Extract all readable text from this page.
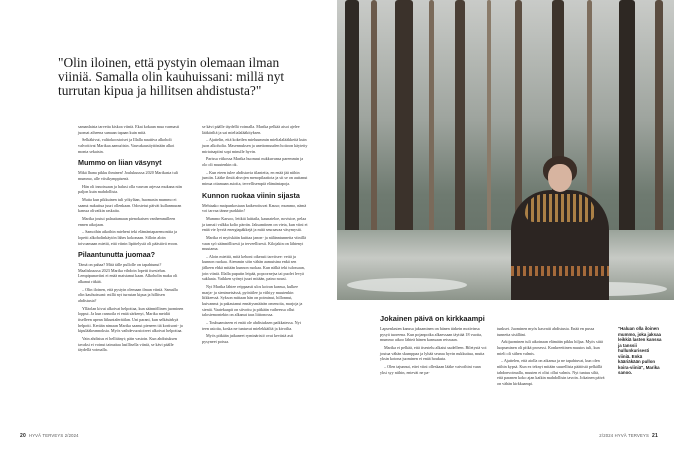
"Olin iloinen, että pystyin olemaan ilman viiniä. Samalla olin kauhuissani: millä nyt turrutan kipua ja hillitsen ahdistusta?"

samanlaista tarvetta kiskoa viiniä. Ekat kokaan mua varmasti juomat aiheena samaan tapaan kuin mitä.

Selkäkivut, valtiokoostoiset ja Illalla nauttiva alkoholi valvottivat Marikaa aamuöisin. Vauvakausityttönään alkoi monta sekaisin.

Mummo on liian väsynyt

Mikä lhana pikku ihminen! Joulukuussa 2020 Marikasta tuli mummo, alle viisikymppisenä.

Hän oli innoissaan ja halusi olla vauvan arjessa mukana niin paljon kuin mahdollista.

Mutta kun pikkuinen tuli yökyläan, huomasin mummo ei saanut nukuttua juuri ollenkaan. Odostetut päivät kullanmuran kanssa olivatkin raskaita.

Marika joutui palauttamaan pienokaisen vanhemmilleen ennen aikojaan.

– Samoihin aikoihin mieheni teki elämäntaparemonttia ja lopetti alkoholinkäytön lähes kokonaan. Silloin aloin toivoamaan mietiä, että viinin lipittelystä oli päästävä eroon.

Pilaantunutta juomaa?

Tämä on pahaa? Mitä tälle pullolle on tapahtunut? Maaliskuussa 2023 Marika vihdoin lopetti itsestelun. Lempipunaviini ei enää maistanut kaan. Alkoholin maku oli alkanut ritkää.

– Olin iloinen, että pystyin olemaan ilman viiniä. Samalla olin kauhuissani: millä nyt turrutan kipua ja hillitsen ahdistusta?

Ylläolan kivut alkoivat helpottaa, kun säännöllinen juominen loppui. Ja kun rannoila ei enää särkenyt, Marika meidäi itselleen upean liikuntalerätilan. Uni parani, kun selkäsärkyä helpotti. Kerään nimaan Marika saanut pieneen tiä kortisoni- ja kipulääkeannoksia. Myös vaihdevuosioireet alkoivat helpottaa.

Vain ahdistus ei hellitänyt; päin vastoin. Kun ahdistuksen tavaksi ei voinut tainuttaa lasillisella viiniä, se kävi päälle täydellä voimalla.

se kävi päälle täydellä voimalla. Marika pelkää aisoi ajelee lääkäriltä ja sai mielialalääkityksen.

– Ajattelin, että kokeilen mieluummin mielialalääkkeitä kuin juon alkoholia. Masennuksen ja unettomuuden hoitoon käytetty mirtatsapiini sopi minulle hyvin.

Parissa viikossa Marika huomasi nukkuvansa paremmin ja olo oli muutenkin ok.

– Kun eteen tulee ahdistavia tilanteita, en enää jää niihin jumiin. Lääke ilmiä ahvojen menopilaatiota ja sit se on auttanut minua ottamaan asioita, tervellisempiä elämäntapoja.

Kunnon ruokaa viinin sijasta

Mehtaako maipunkostaan katkeroituvat Kauso; mummo, nämä voi tarvaa tänne purkkiin!

Mummo Karsoo, lettkiä laittaila, kaunateloe, novisioe, pelaa ja tanssii valkka kolio pärrän. Jaksamiinen on vieta, kun viini ei enää vie lyvriä energiapäkkejä ja mitä seuraavaa väsymystä.

Marika ei myöskään kuittaa janon- ja nälänntunnetta viinillä vaan syö säännöllisesti ja terveellisesti. Kilojakin on lähtenyt muutama.

– Aloin miettiä, mitä kehoni oikeasti tarvitsee: vettä ja kunnon ruokaa. Aiemmin söin vähän aamuisina enkä sen jälkeen ehkä mitään kunnon ruokaa. Kun nälkä teki tulossaan, join viiniä. Illalla puputin leipää, popcornejsa tai puolet levyä suklaata. Vaikken syönyt juuri mitään, paino nousi.

Nyt Marika lähtee reippaasti ulos koiran kanssa, kulkee marja- ja sienimetsässä, pyöräilee ja viihtyy muutenkin liikkeessä. Sykson mittaan hän on poiminut, hillonnut, kuivannut ja pakastanut ennätysmäärän omenoita, marjoja ja sieniä. Vaatekaapit on siivottu ja pitkään vaiheessa ollut talosiemontekin on alkanut taas liittonossa.

– Touhuamiseen ei enää ole ahdistuksen paikkatessa. Nyt teen asioita, koska ne tuntuvat mielekkäiltä ja kivoilta.

Myös pitkään jatkaneet ryminäristö ovat kevästä asti pysyneet poissa.

20 HYVÄ TERVEYS 2/2024
Jokainen päivä on kirkkaampi

Lapsenlasten kanssa jaksaminen on hänen tärkein motivinsa pysyä tuoreena. Kun pojanpoika alkaessaan täyttää 18 vuotta, mummo aikoo lähteä hänen kanssaan reissuun.

Marika ei pelkää, että itsestelu alkaisi uudelleen. Biletystä voi joutua vähän skumppaa ja lyhää seuraa hyvin nukkuttua, mutta yksin kotona juominen ei enää houkuta.

– Olen tajunnut, ettei viini olleskaan lääke vaivoihini vaan yksi syy niihin, enteväi ne pa-

tunkset. Juominen myös kasvatti ahdistusta. Enää en pussa tunnetta sisälläni.

Arkijuominen tuli aikoinaan elämään pikku hiljaa. Myös siitä luopuminen oli pitkä prosessi. Konkreettinen muutos tuli, kun mieli oli siihen valmis.

– Ajattelen, että aiolla on aikansa ja ne tapahtuvat, kun olen niihin kypsä. Kun ex teknyt mitään suurellista päätöstä pelkällä tahdonvoimalla, muuten ei olisi ollut valmis. Nyt tuntuu siltä, että paranen koko ajan kaikin mahdollisin tavoin. Jokainen päivä on vähän kirkkaampi.

"Haluan olla iloinen mummo, joka jaksaa leikkiä lasten kanssa ja tanssii hullunkurisesti viiniä. Enkä kääriäkään pullon koira-viiniä", Marika sanoo.
2/2024 HYVÄ TERVEYS 21
